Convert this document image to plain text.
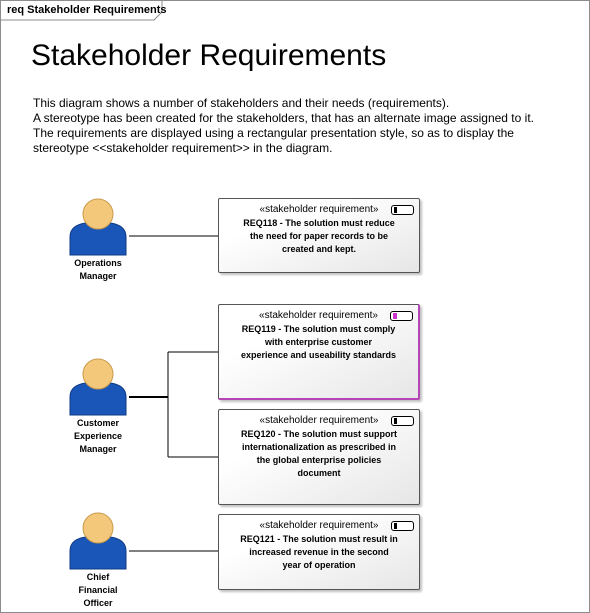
req Stakeholder Requirements
Stakeholder Requirements
This diagram shows a number of stakeholders and their needs (requirements).
A stereotype has been created for the stakeholders, that has an alternate image assigned to it.
The requirements are displayed using a rectangular presentation style, so as to display the
stereotype <<stakeholder requirement>> in the diagram.
Operations
Manager
Customer
Experience
Manager
Chief
Financial
Officer
«stakeholder requirement»
REQ118 - The solution must reduce
the need for paper records to be
created and kept.
«stakeholder requirement»
REQ119 - The solution must comply
with enterprise customer
experience and useability standards
«stakeholder requirement»
REQ120 - The solution must support
internationalization as prescribed in
the global enterprise policies
document
«stakeholder requirement»
REQ121 - The solution must result in
increased revenue in the second
year of operation
